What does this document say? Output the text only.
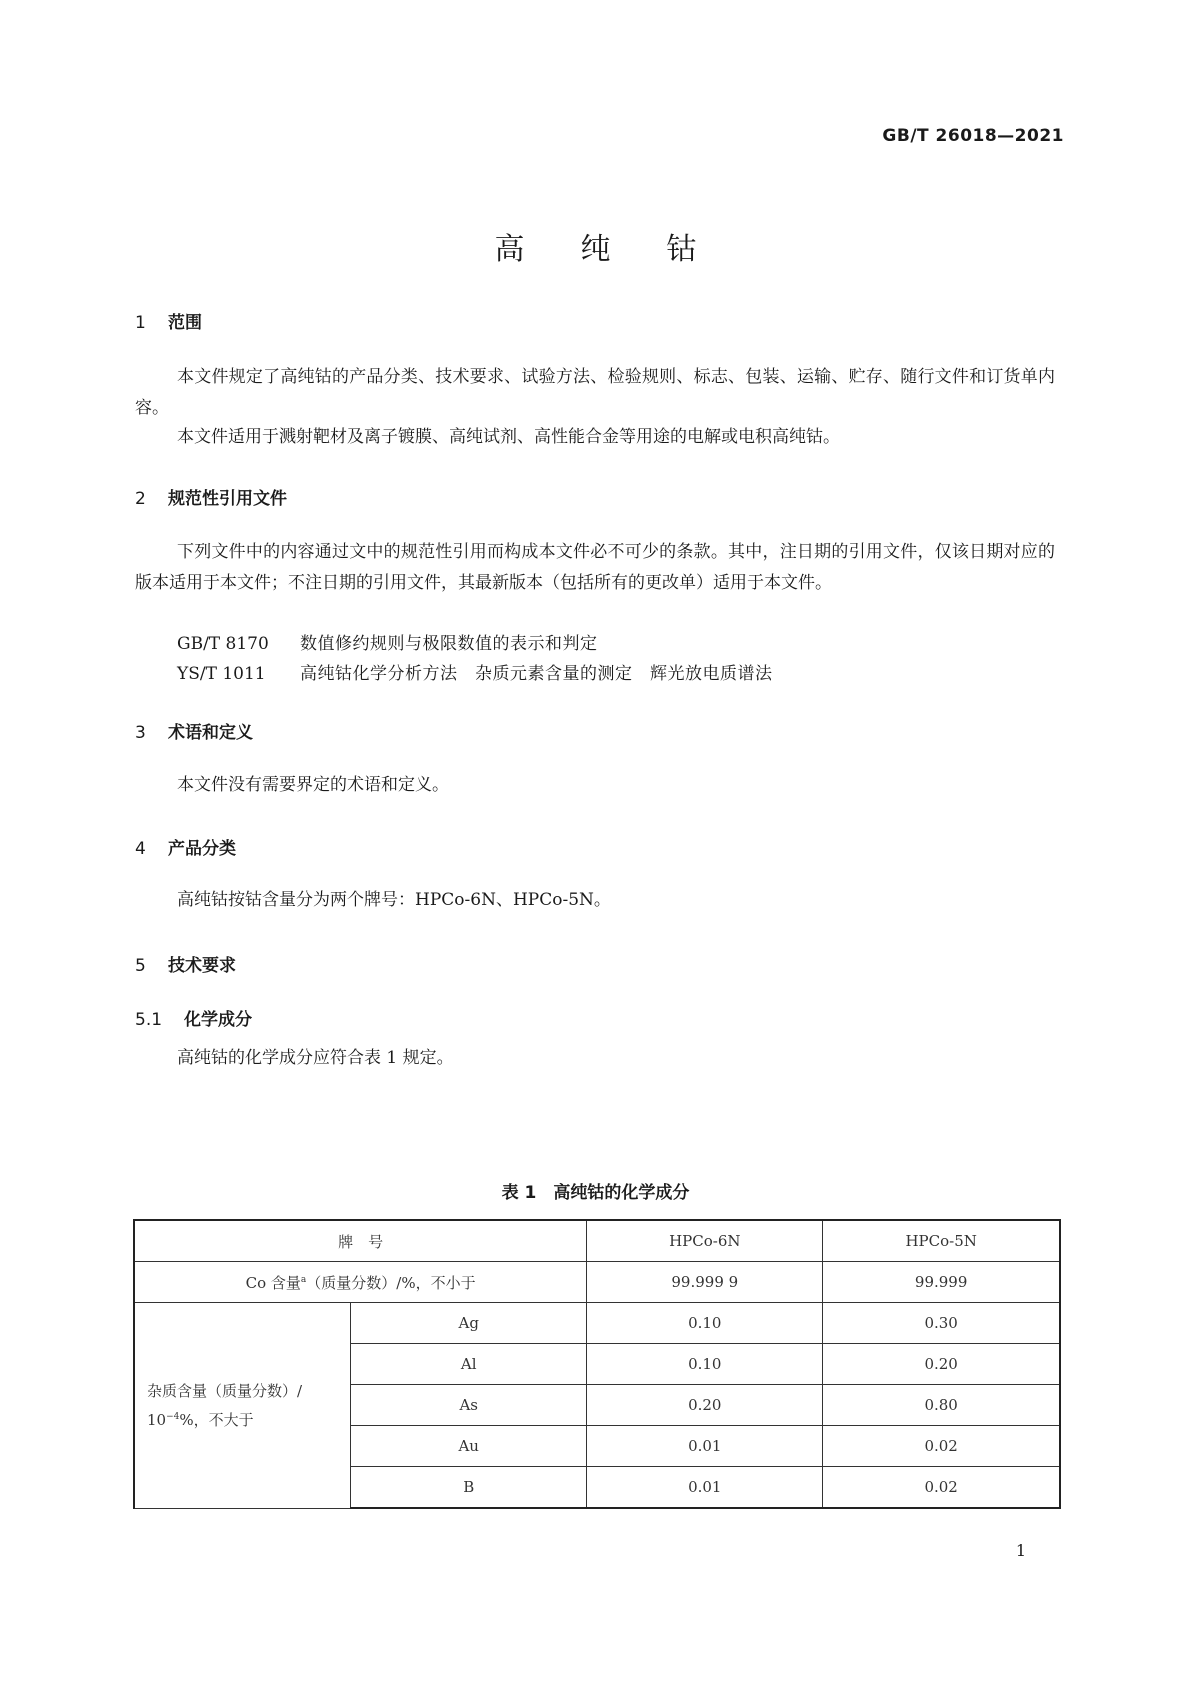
GB/T 26018—2021
高 纯 钴
1 范围
本文件规定了高纯钴的产品分类、技术要求、试验方法、检验规则、标志、包装、运输、贮存、随行文件和订货单内容。
本文件适用于溅射靶材及离子镀膜、高纯试剂、高性能合金等用途的电解或电积高纯钴。
2 规范性引用文件
下列文件中的内容通过文中的规范性引用而构成本文件必不可少的条款。其中，注日期的引用文件，仅该日期对应的版本适用于本文件；不注日期的引用文件，其最新版本（包括所有的更改单）适用于本文件。
GB/T 8170 数值修约规则与极限数值的表示和判定
YS/T 1011 高纯钴化学分析方法　杂质元素含量的测定　辉光放电质谱法
3 术语和定义
本文件没有需要界定的术语和定义。
4 产品分类
高纯钴按钴含量分为两个牌号：HPCo-6N、HPCo-5N。
5 技术要求
5.1 化学成分
高纯钴的化学成分应符合表 1 规定。
表 1　高纯钴的化学成分
牌　号		HPCo-6N	HPCo-5N
Co 含量$^a$（质量分数）/%，不小于		99.999 9	99.999
杂质含量（质量分数）/
$10^{-4}\%$，不大于	Ag	0.10	0.30
	Al	0.10	0.20
	As	0.20	0.80
	Au	0.01	0.02
	B	0.01	0.02
1
